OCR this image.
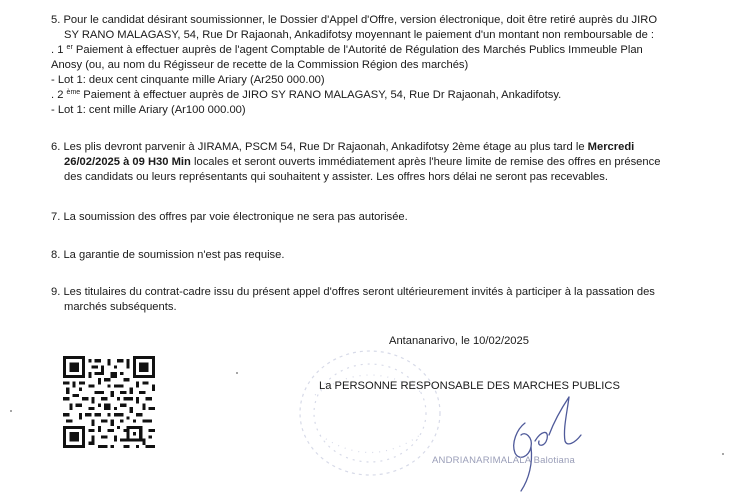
5. Pour le candidat désirant soumissionner, le Dossier d'Appel d'Offre, version électronique, doit être retiré auprès du JIRO
SY RANO MALAGASY, 54, Rue Dr Rajaonah, Ankadifotsy moyennant le paiement d'un montant non remboursable de :
. 1 $^{er}$ Paiement à effectuer auprès de l'agent Comptable de l'Autorité de Régulation des Marchés Publics Immeuble Plan
Anosy (ou, au nom du Régisseur de recette de la Commission Région des marchés)
- Lot 1: deux cent cinquante mille Ariary (Ar250 000.00)
. 2 $^{ème}$ Paiement à effectuer auprès de JIRO SY RANO MALAGASY, 54, Rue Dr Rajaonah, Ankadifotsy.
- Lot 1: cent mille Ariary (Ar100 000.00)
6. Les plis devront parvenir à JIRAMA, PSCM 54, Rue Dr Rajaonah, Ankadifotsy 2ème étage au plus tard le Mercredi
26/02/2025 à 09 H30 Min locales et seront ouverts immédiatement après l'heure limite de remise des offres en présence
des candidats ou leurs représentants qui souhaitent y assister. Les offres hors délai ne seront pas recevables.
7. La soumission des offres par voie électronique ne sera pas autorisée.
8. La garantie de soumission n'est pas requise.
9. Les titulaires du contrat-cadre issu du présent appel d'offres seront ultérieurement invités à participer à la passation des
marchés subséquents.
Antananarivo, le 10/02/2025
La PERSONNE RESPONSABLE DES MARCHES PUBLICS
ANDRIANARIMALALA Balotiana
